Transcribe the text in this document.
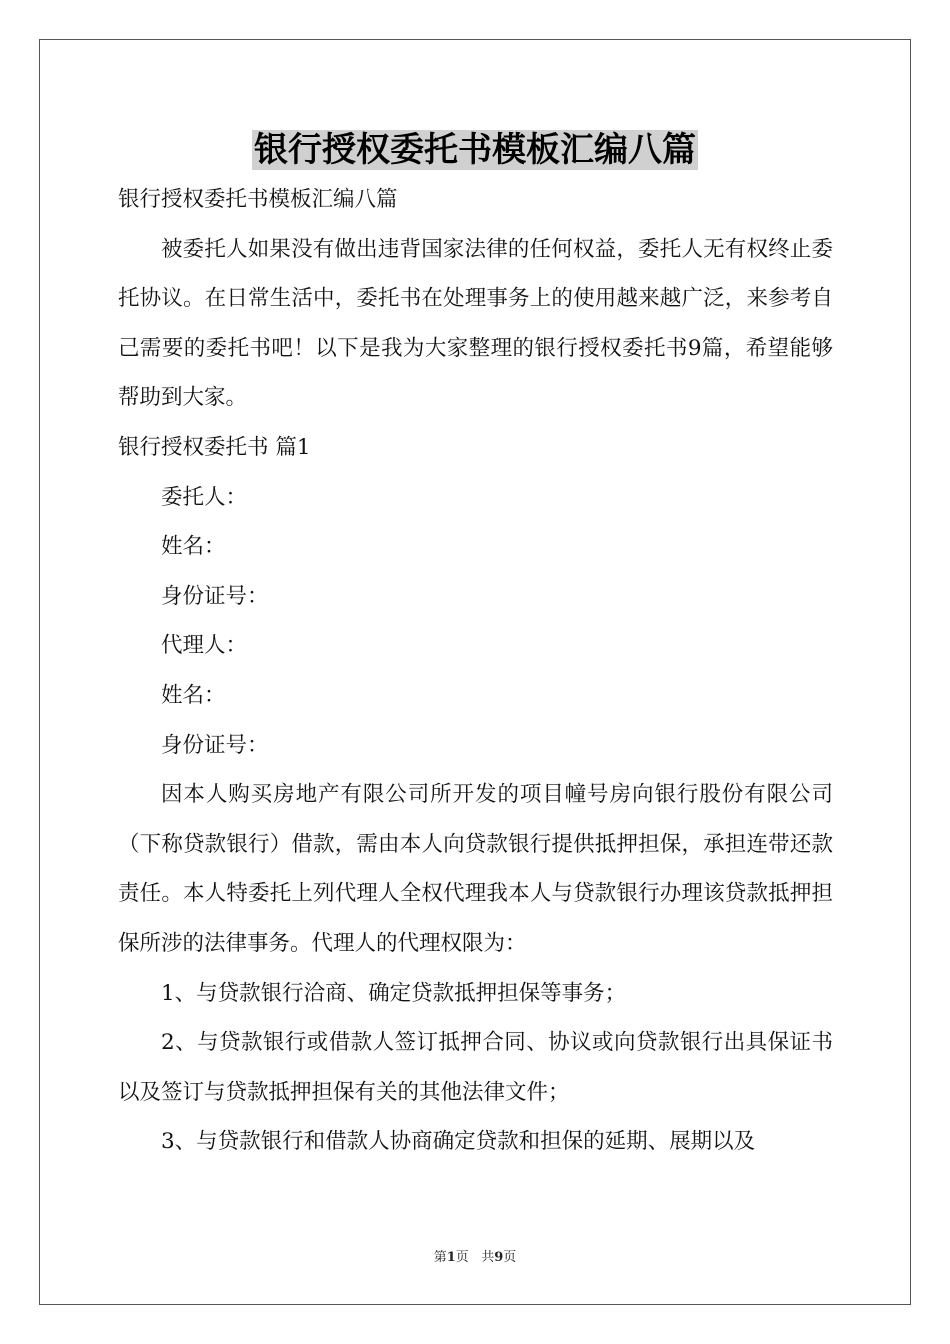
银行授权委托书模板汇编八篇

银行授权委托书模板汇编八篇

被委托人如果没有做出违背国家法律的任何权益，委托人无有权终止委托协议。在日常生活中，委托书在处理事务上的使用越来越广泛，来参考自己需要的委托书吧！以下是我为大家整理的银行授权委托书9篇，希望能够帮助到大家。

银行授权委托书 篇1

委托人：

姓名：

身份证号：

代理人：

姓名：

身份证号：

因本人购买房地产有限公司所开发的项目幢号房向银行股份有限公司（下称贷款银行）借款，需由本人向贷款银行提供抵押担保，承担连带还款责任。本人特委托上列代理人全权代理我本人与贷款银行办理该贷款抵押担保所涉的法律事务。代理人的代理权限为：

1、与贷款银行洽商、确定贷款抵押担保等事务；

2、与贷款银行或借款人签订抵押合同、协议或向贷款银行出具保证书以及签订与贷款抵押担保有关的其他法律文件；

3、与贷款银行和借款人协商确定贷款和担保的延期、展期以及

第1页 共9页
